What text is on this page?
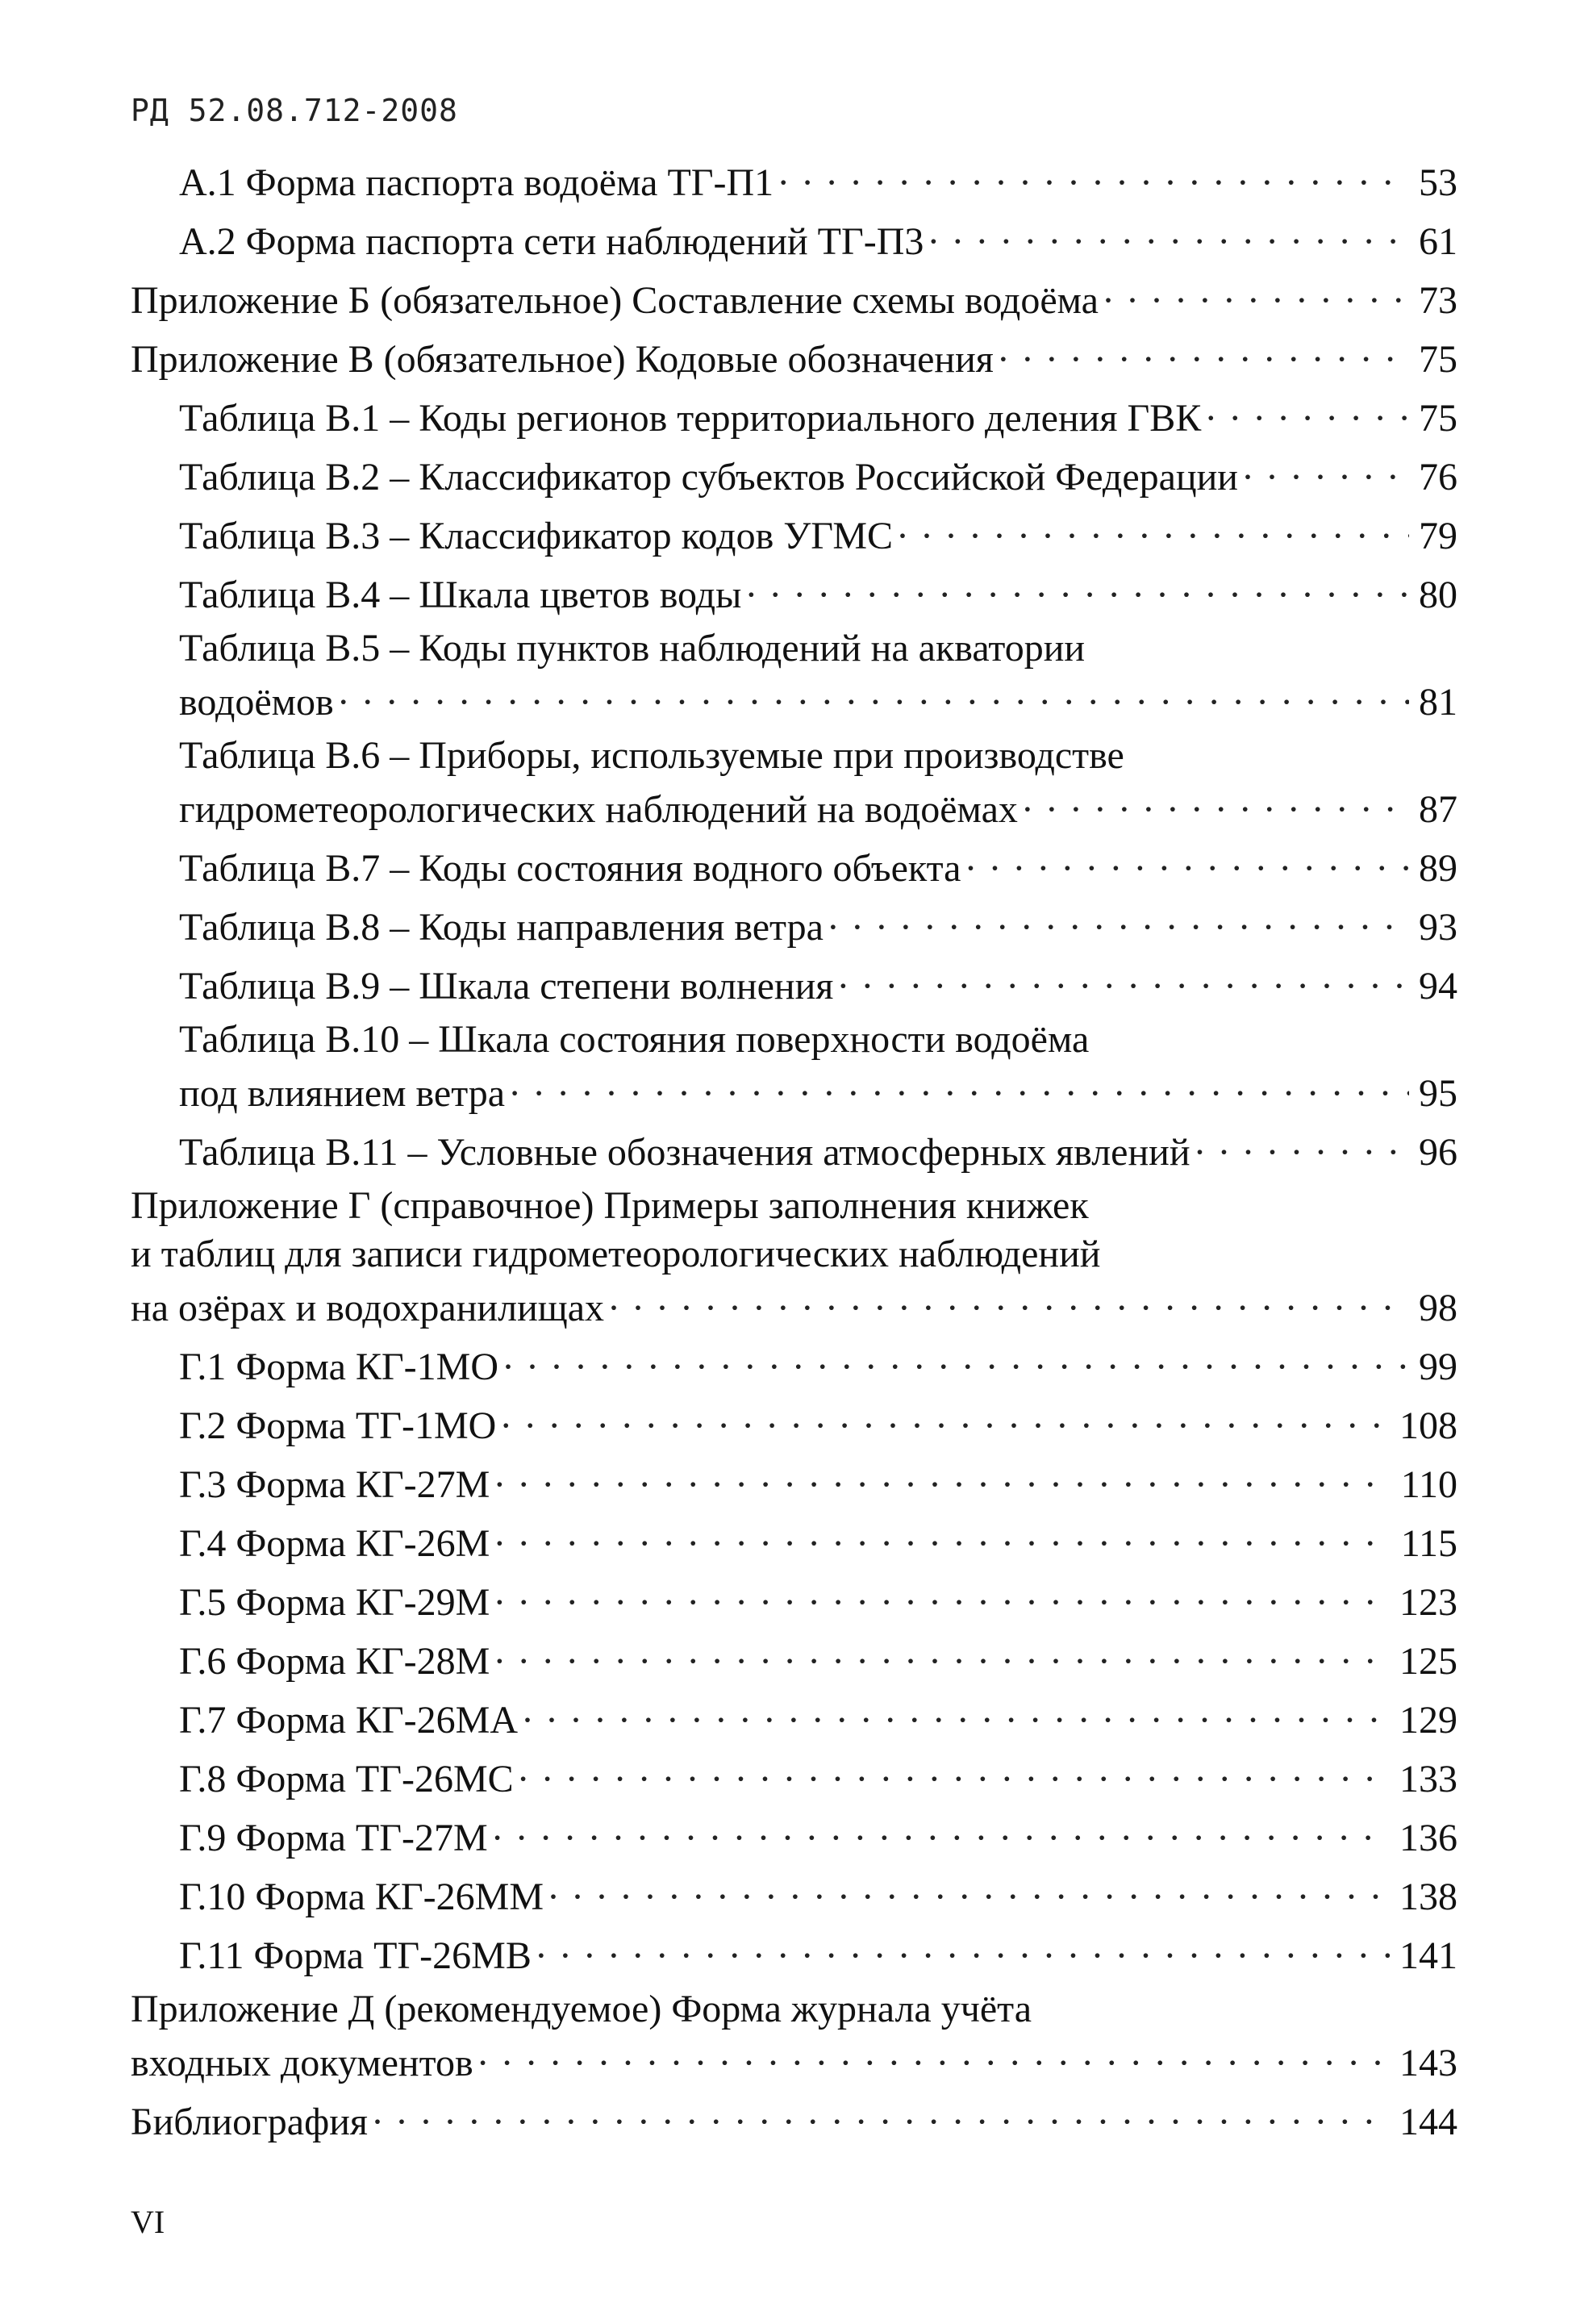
РД 52.08.712-2008
А.1 Форма паспорта водоёма ТГ-П1 ·····	53
А.2 Форма паспорта сети наблюдений ТГ-П3 ·····	61
Приложение Б (обязательное) Составление схемы водоёма ·····	73
Приложение В (обязательное) Кодовые обозначения ·····	75
Таблица В.1 – Коды регионов территориального деления ГВК ·····	75
Таблица В.2 – Классификатор субъектов Российской Федерации ·····	76
Таблица В.3 – Классификатор кодов УГМС ·····	79
Таблица В.4 – Шкала цветов воды ·····	80
Таблица В.5 – Коды пунктов наблюдений на акватории
водоёмов ·····	81
Таблица В.6 – Приборы, используемые при производстве
гидрометеорологических наблюдений на водоёмах ·····	87
Таблица В.7 – Коды состояния водного объекта ·····	89
Таблица В.8 – Коды направления ветра ·····	93
Таблица В.9 – Шкала степени волнения ·····	94
Таблица В.10 – Шкала состояния поверхности водоёма
под влиянием ветра ·····	95
Таблица В.11 – Условные обозначения атмосферных явлений ·····	96
Приложение Г (справочное) Примеры заполнения книжек
и таблиц для записи гидрометеорологических наблюдений
на озёрах и водохранилищах ·····	98
Г.1 Форма КГ-1МО ·····	99
Г.2 Форма ТГ-1МО ·····	108
Г.3 Форма КГ-27М ·····	110
Г.4 Форма КГ-26М ·····	115
Г.5 Форма КГ-29М ·····	123
Г.6 Форма КГ-28М ·····	125
Г.7 Форма КГ-26МА ·····	129
Г.8 Форма ТГ-26МС ·····	133
Г.9 Форма ТГ-27М ·····	136
Г.10 Форма КГ-26ММ ·····	138
Г.11 Форма ТГ-26МВ ·····	141
Приложение Д (рекомендуемое) Форма журнала учёта
входных документов ·····	143
Библиография ·····	144
VI
